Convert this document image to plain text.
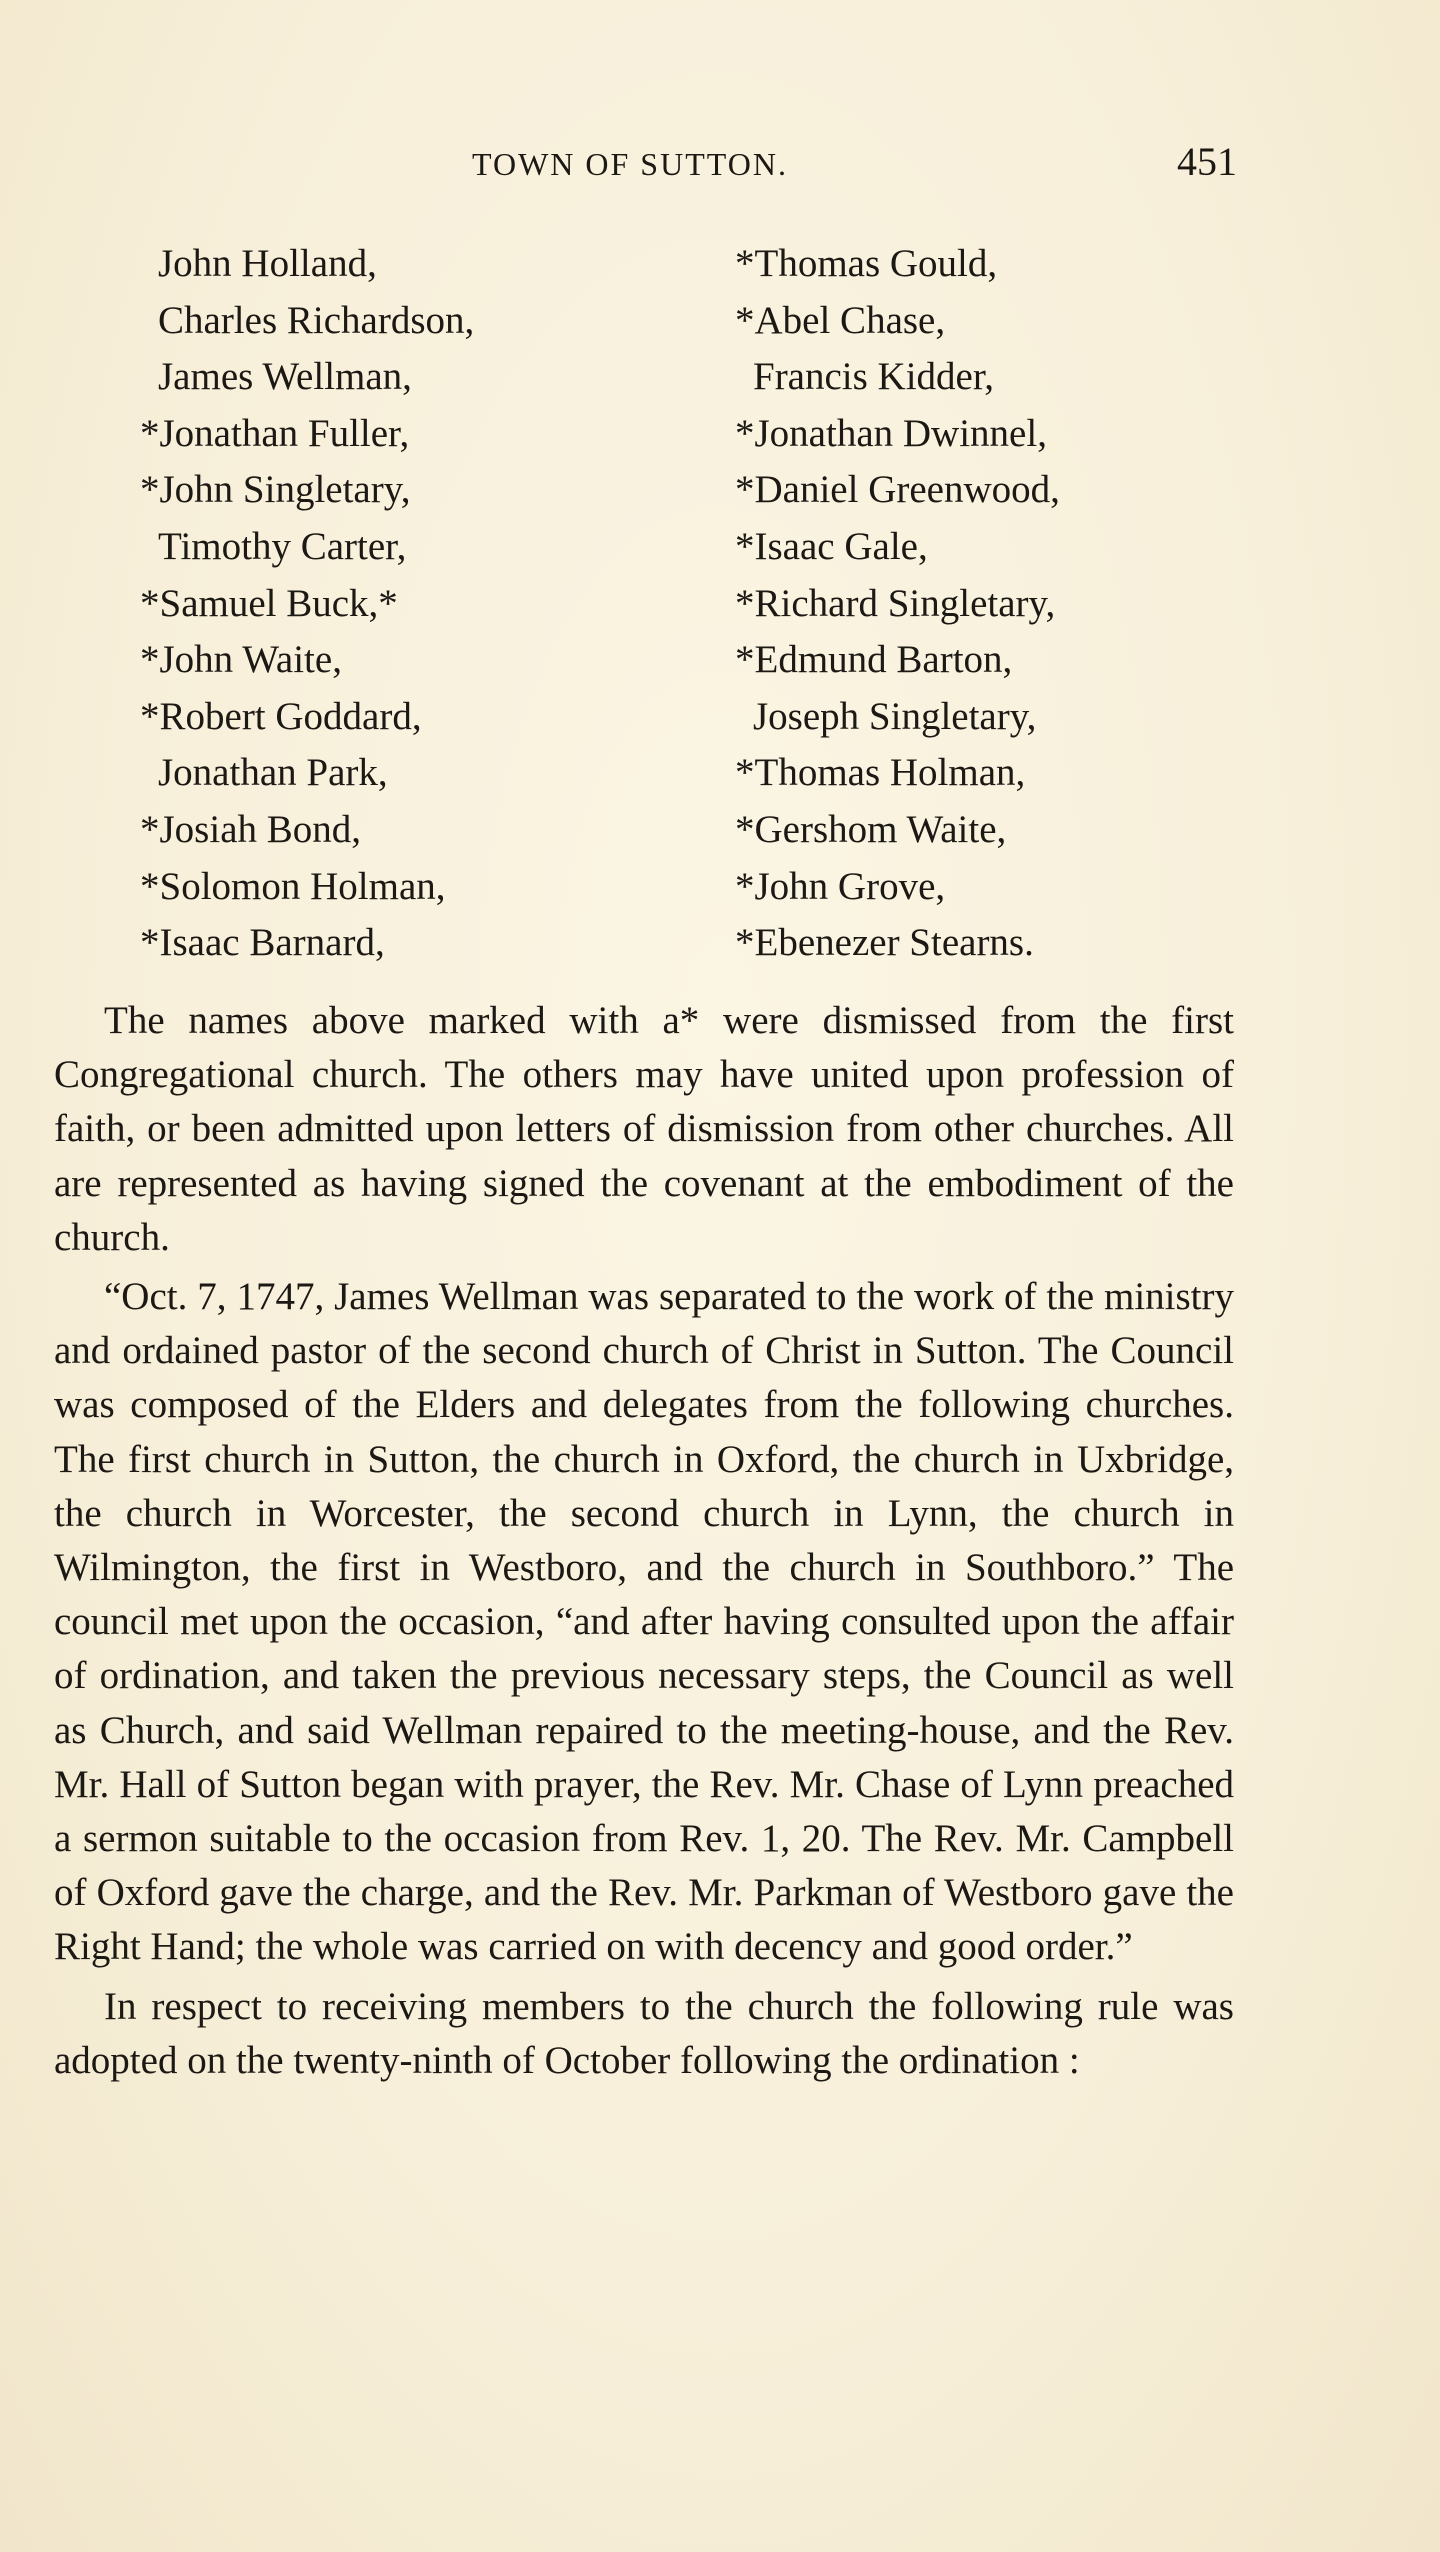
TOWN OF SUTTON.	451
John Holland,
Charles Richardson,
James Wellman,
*Jonathan Fuller,
*John Singletary,
Timothy Carter,
*Samuel Buck,*
*John Waite,
*Robert Goddard,
Jonathan Park,
*Josiah Bond,
*Solomon Holman,
*Isaac Barnard,
*Thomas Gould,
*Abel Chase,
Francis Kidder,
*Jonathan Dwinnel,
*Daniel Greenwood,
*Isaac Gale,
*Richard Singletary,
*Edmund Barton,
Joseph Singletary,
*Thomas Holman,
*Gershom Waite,
*John Grove,
*Ebenezer Stearns.

The names above marked with a* were dismissed from the first Congregational church. The others may have united upon profession of faith, or been admitted upon letters of dismission from other churches. All are represented as having signed the covenant at the embodiment of the church.

“Oct. 7, 1747, James Wellman was separated to the work of the ministry and ordained pastor of the second church of Christ in Sutton. The Council was composed of the Elders and delegates from the following churches. The first church in Sutton, the church in Oxford, the church in Uxbridge, the church in Worcester, the second church in Lynn, the church in Wilmington, the first in Westboro, and the church in Southboro.” The council met upon the occasion, “and after having consulted upon the affair of ordination, and taken the previous necessary steps, the Council as well as Church, and said Wellman repaired to the meeting-house, and the Rev. Mr. Hall of Sutton began with prayer, the Rev. Mr. Chase of Lynn preached a sermon suitable to the occasion from Rev. 1, 20. The Rev. Mr. Campbell of Oxford gave the charge, and the Rev. Mr. Parkman of Westboro gave the Right Hand; the whole was carried on with decency and good order.”

In respect to receiving members to the church the following rule was adopted on the twenty-ninth of October following the ordination :
